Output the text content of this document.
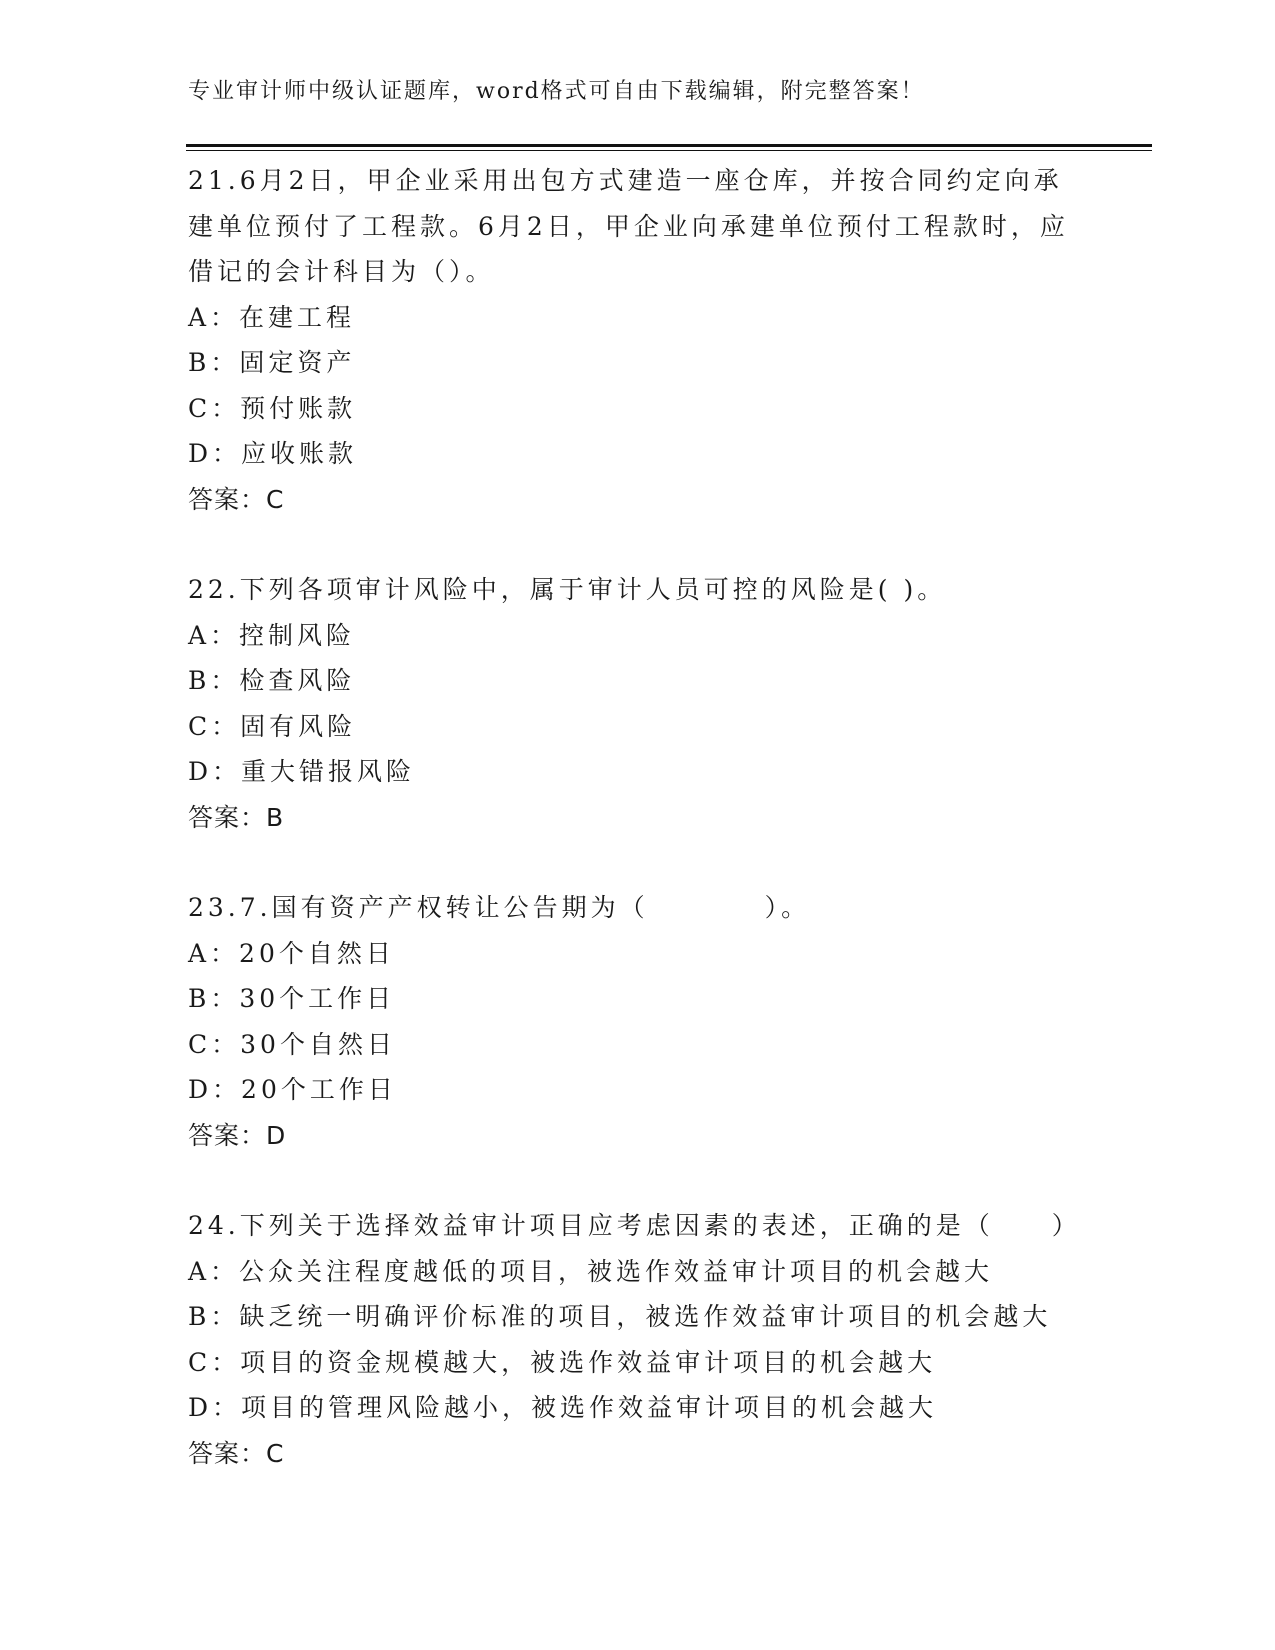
专业审计师中级认证题库，word格式可自由下载编辑，附完整答案！
21.6月2日，甲企业采用出包方式建造一座仓库，并按合同约定向承
建单位预付了工程款。6月2日，甲企业向承建单位预付工程款时，应
借记的会计科目为（）。
A：在建工程
B：固定资产
C：预付账款
D：应收账款
答案：C
22.下列各项审计风险中，属于审计人员可控的风险是( )。
A：控制风险
B：检查风险
C：固有风险
D：重大错报风险
答案：B
23.7.国有资产产权转让公告期为（　　　　）。
A：20个自然日
B：30个工作日
C：30个自然日
D：20个工作日
答案：D
24.下列关于选择效益审计项目应考虑因素的表述，正确的是（　　）
A：公众关注程度越低的项目，被选作效益审计项目的机会越大
B：缺乏统一明确评价标准的项目，被选作效益审计项目的机会越大
C：项目的资金规模越大，被选作效益审计项目的机会越大
D：项目的管理风险越小，被选作效益审计项目的机会越大
答案：C
